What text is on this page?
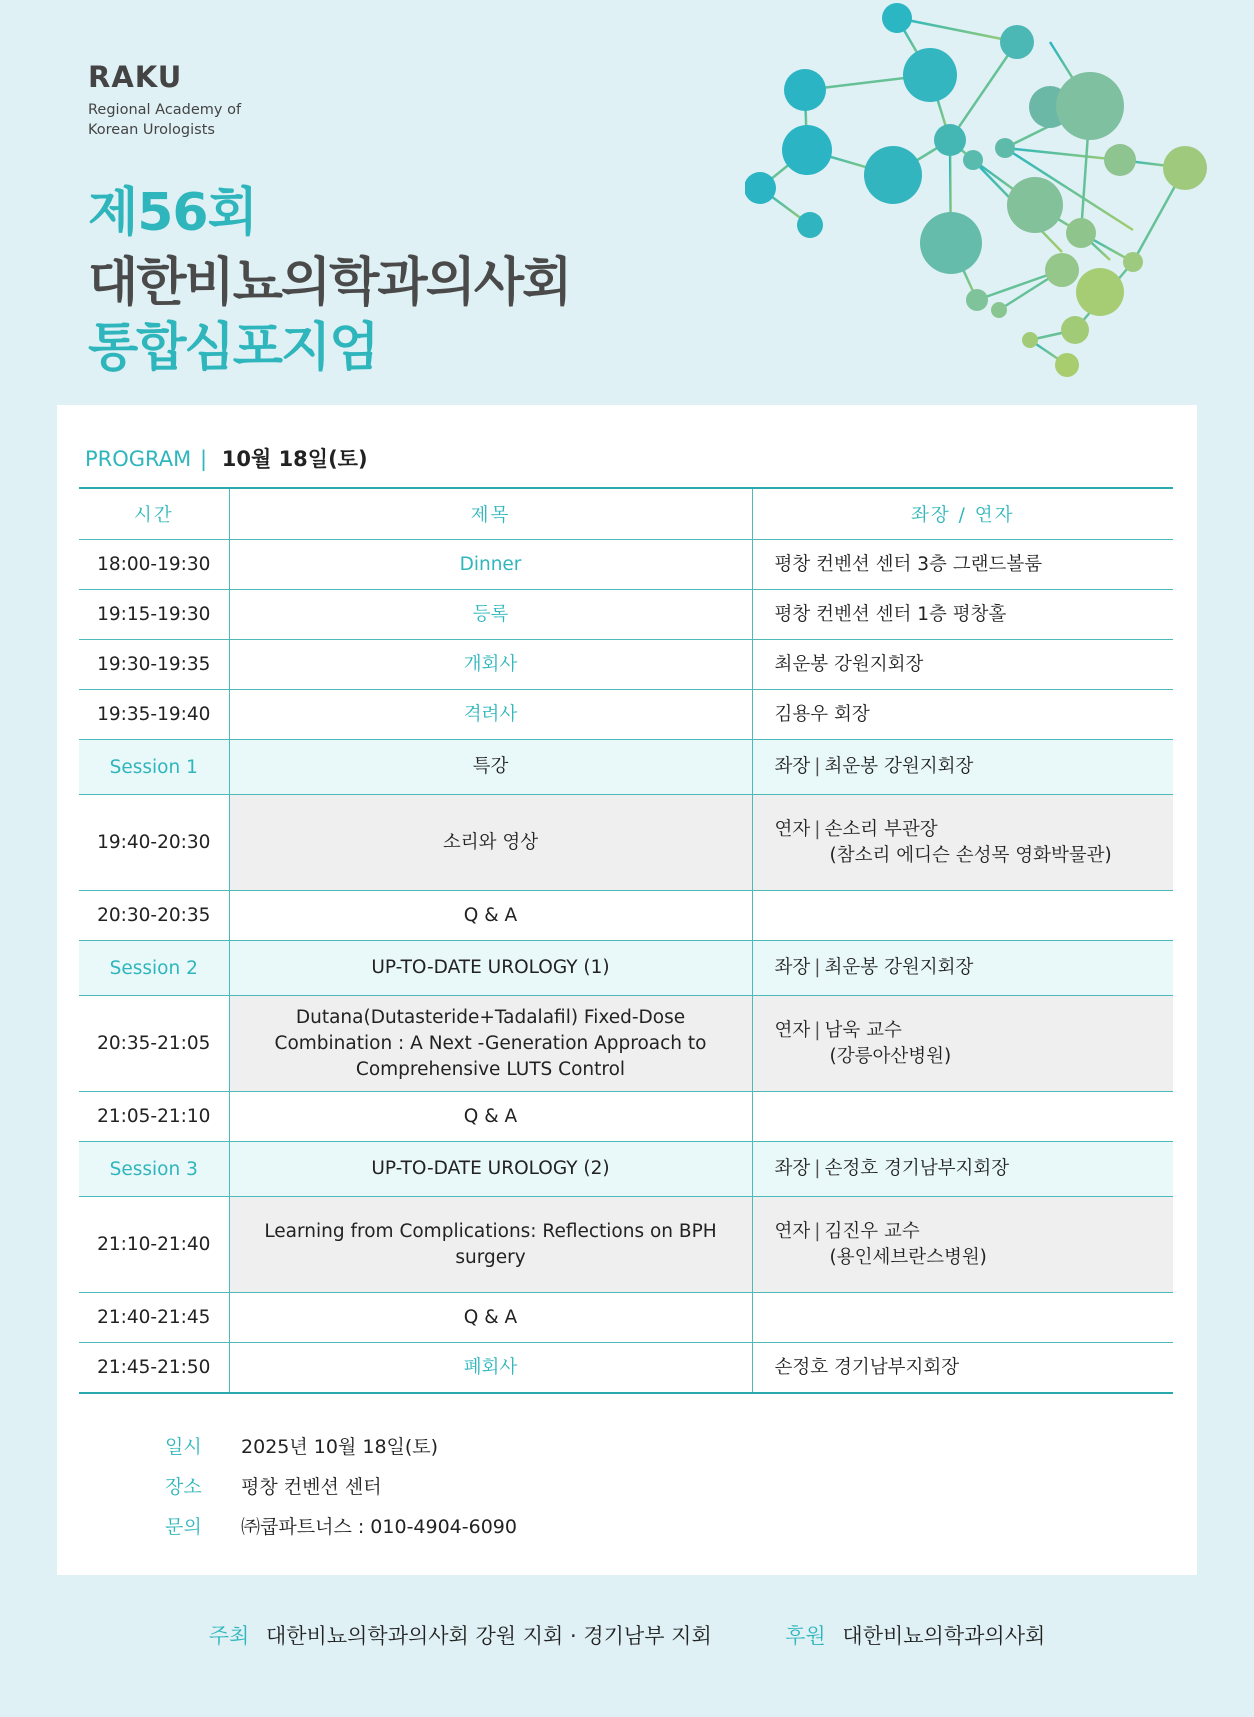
RAKU
Regional Academy of
Korean Urologists
제56회
대한비뇨의학과의사회
통합심포지엄
PROGRAM | 10월 18일(토)
시간	제목	좌장 / 연자
18:00-19:30	Dinner	평창 컨벤션 센터 3층 그랜드볼룸
19:15-19:30	등록	평창 컨벤션 센터 1층 평창홀
19:30-19:35	개회사	최운봉 강원지회장
19:35-19:40	격려사	김용우 회장
Session 1	특강	좌장 | 최운봉 강원지회장
19:40-20:30	소리와 영상	연자 | 손소리 부관장
(참소리 에디슨 손성목 영화박물관)

20:30-20:35	Q & A	
Session 2	UP-TO-DATE UROLOGY (1)	좌장 | 최운봉 강원지회장
20:35-21:05	Dutana(Dutasteride+Tadalafil) Fixed-Dose Combination : A Next -Generation Approach to Comprehensive LUTS Control	연자 | 남욱 교수
(강릉아산병원)

21:05-21:10	Q & A	
Session 3	UP-TO-DATE UROLOGY (2)	좌장 | 손정호 경기남부지회장
21:10-21:40	Learning from Complications: Reflections on BPH surgery	연자 | 김진우 교수
(용인세브란스병원)

21:40-21:45	Q & A	
21:45-21:50	폐회사	손정호 경기남부지회장
일시 2025년 10월 18일(토)
장소 평창 컨벤션 센터
문의 ㈜쿱파트너스 : 010-4904-6090
주최 대한비뇨의학과의사회 강원 지회 · 경기남부 지회	후원 대한비뇨의학과의사회
